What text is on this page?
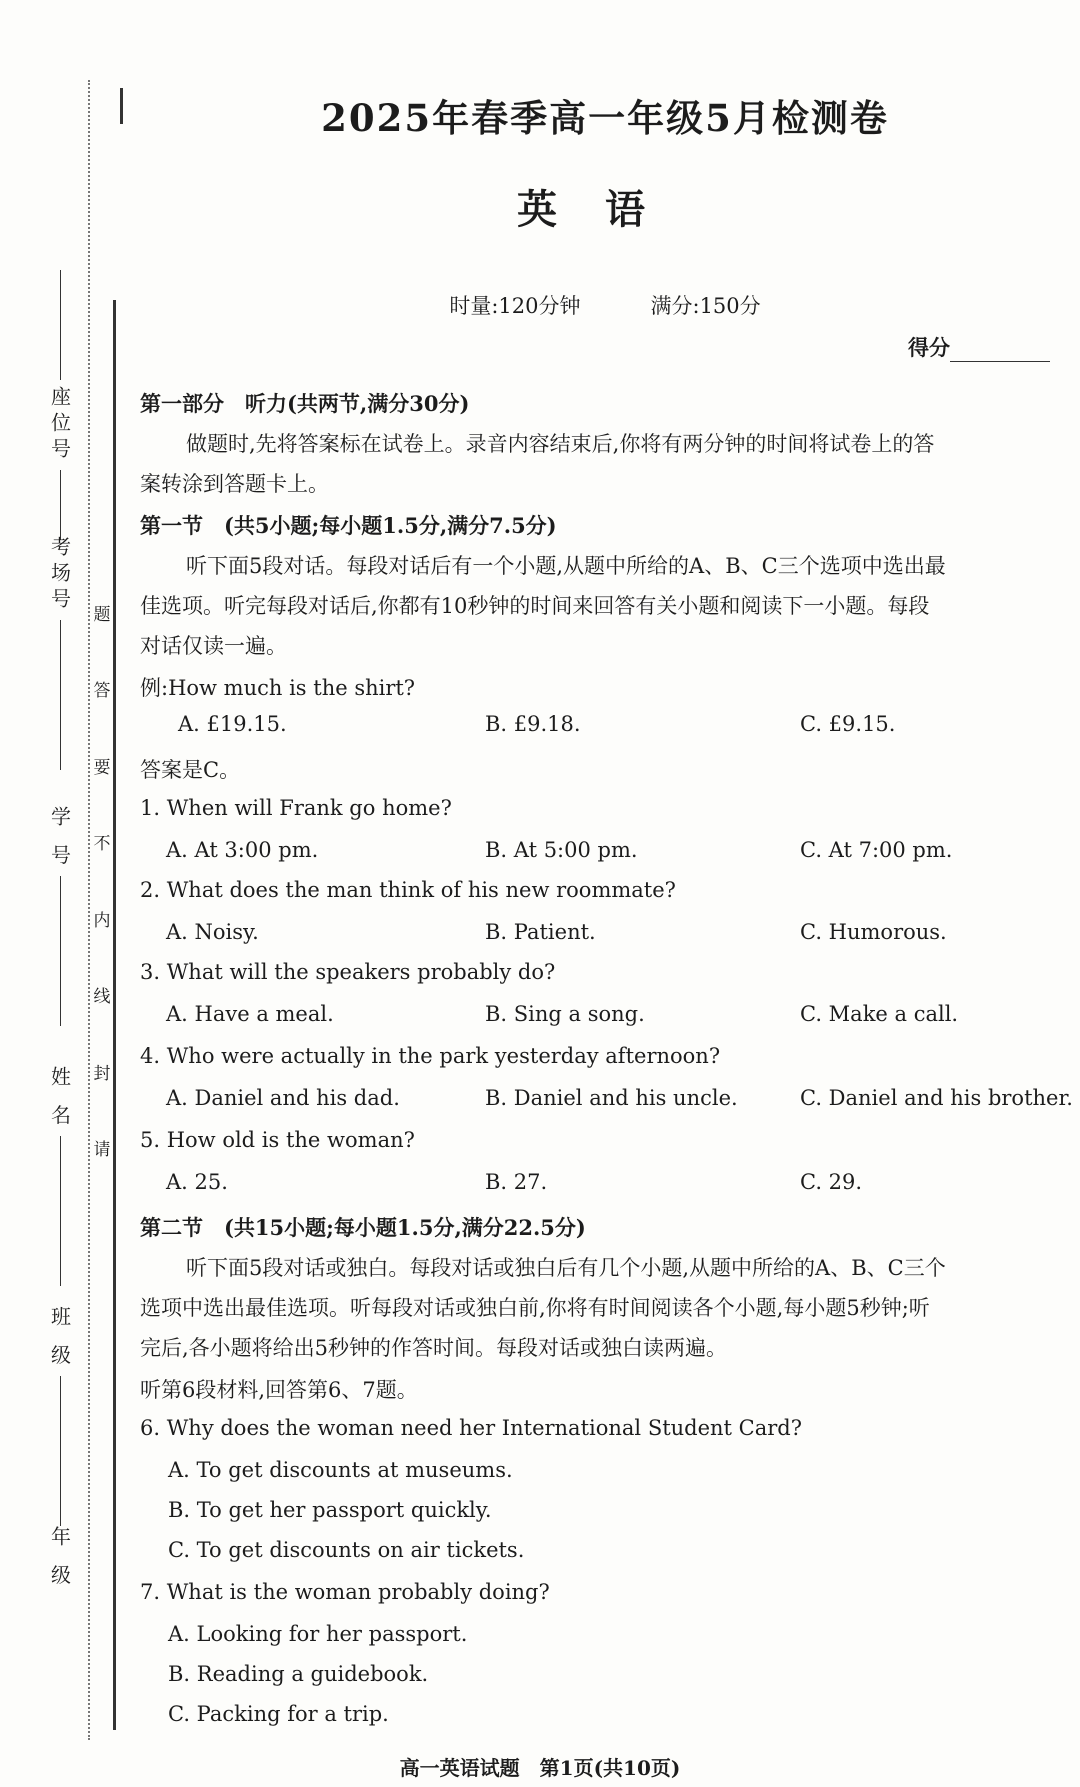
座位号
考场号
学 号
姓 名
班 级
年 级
题
答
要
不
内
线
封
请
2025年春季高一年级5月检测卷
英语
时量:120分钟	满分:150分
得分
第一部分　听力(共两节,满分30分)
做题时,先将答案标在试卷上。录音内容结束后,你将有两分钟的时间将试卷上的答
案转涂到答题卡上。
第一节　(共5小题;每小题1.5分,满分7.5分)
听下面5段对话。每段对话后有一个小题,从题中所给的A、B、C三个选项中选出最
佳选项。听完每段对话后,你都有10秒钟的时间来回答有关小题和阅读下一小题。每段
对话仅读一遍。
例:How much is the shirt?
A. £19.15.	B. £9.18.	C. £9.15.
答案是C。
1. When will Frank go home?
A. At 3:00 pm.	B. At 5:00 pm.	C. At 7:00 pm.
2. What does the man think of his new roommate?
A. Noisy.	B. Patient.	C. Humorous.
3. What will the speakers probably do?
A. Have a meal.	B. Sing a song.	C. Make a call.
4. Who were actually in the park yesterday afternoon?
A. Daniel and his dad.	B. Daniel and his uncle.	C. Daniel and his brother.
5. How old is the woman?
A. 25.	B. 27.	C. 29.
第二节　(共15小题;每小题1.5分,满分22.5分)
听下面5段对话或独白。每段对话或独白后有几个小题,从题中所给的A、B、C三个
选项中选出最佳选项。听每段对话或独白前,你将有时间阅读各个小题,每小题5秒钟;听
完后,各小题将给出5秒钟的作答时间。每段对话或独白读两遍。
听第6段材料,回答第6、7题。
6. Why does the woman need her International Student Card?
A. To get discounts at museums.
B. To get her passport quickly.
C. To get discounts on air tickets.
7. What is the woman probably doing?
A. Looking for her passport.
B. Reading a guidebook.
C. Packing for a trip.
高一英语试题　第1页(共10页)
